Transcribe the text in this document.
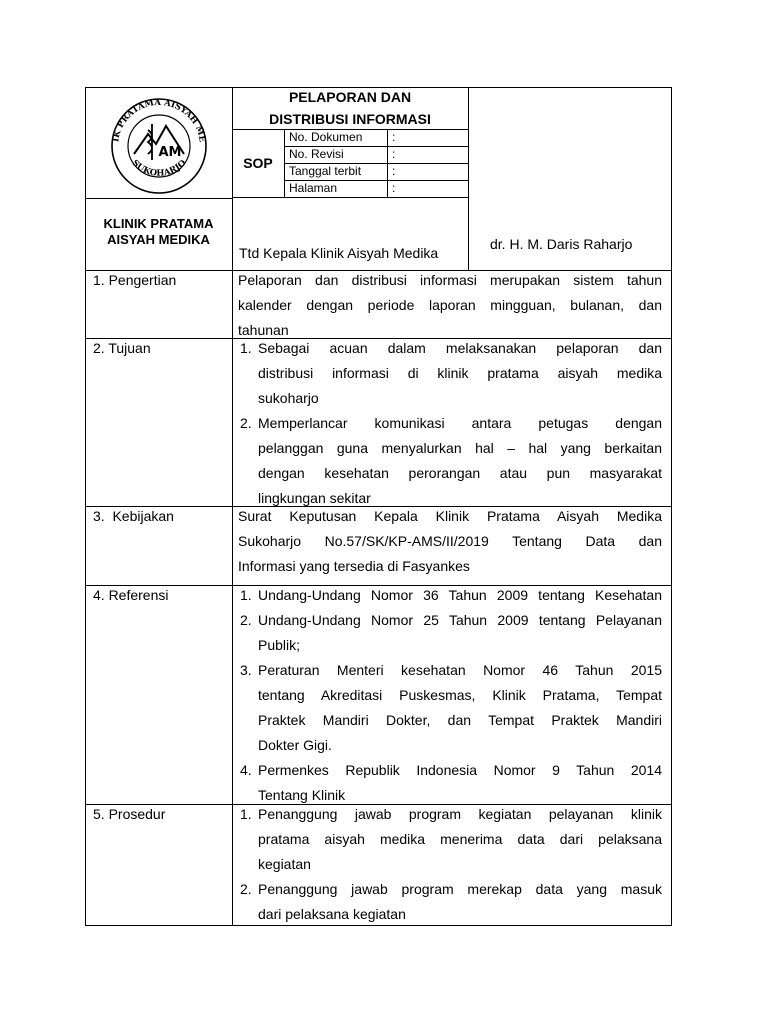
IK PRATAMA AISYAH ME
SUKOHARJO
AM
PELAPORAN DAN
DISTRIBUSI INFORMASI
SOP
No. Dokumen :
No. Revisi	:
Tanggal terbit	:
Halaman	:
KLINIK PRATAMA
AISYAH MEDIKA
Ttd Kepala Klinik Aisyah Medika
dr. H. M. Daris Raharjo
1. Pengertian	Pelaporan dan distribusi informasi merupakan sistem tahun
kalender dengan periode laporan mingguan, bulanan, dan
tahunan
2. Tujuan	1. Sebagai acuan dalam melaksanakan pelaporan dan
distribusi informasi di klinik pratama aisyah medika
sukoharjo
2. Memperlancar komunikasi antara petugas dengan
pelanggan guna menyalurkan hal – hal yang berkaitan
dengan kesehatan perorangan atau pun masyarakat
lingkungan sekitar
3.  Kebijakan	Surat Keputusan Kepala Klinik Pratama Aisyah Medika
Sukoharjo No.57/SK/KP-AMS/II/2019 Tentang Data dan
Informasi yang tersedia di Fasyankes
4. Referensi	1. Undang-Undang Nomor 36 Tahun 2009 tentang Kesehatan
2. Undang-Undang Nomor 25 Tahun 2009 tentang Pelayanan
Publik;
3. Peraturan Menteri kesehatan Nomor 46 Tahun 2015
tentang Akreditasi Puskesmas, Klinik Pratama, Tempat
Praktek Mandiri Dokter, dan Tempat Praktek Mandiri
Dokter Gigi.
4. Permenkes Republik Indonesia Nomor 9 Tahun 2014
Tentang Klinik
5. Prosedur	1. Penanggung jawab program kegiatan pelayanan klinik
pratama aisyah medika menerima data dari pelaksana
kegiatan
2. Penanggung jawab program merekap data yang masuk
dari pelaksana kegiatan
